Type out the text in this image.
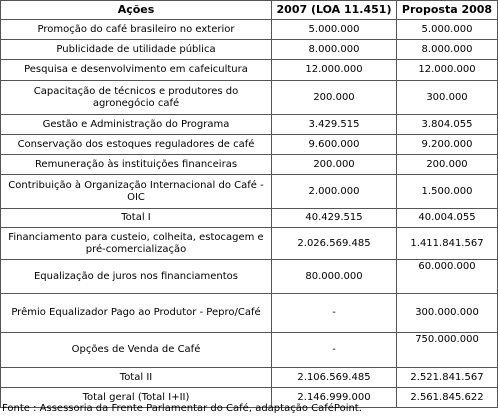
Ações	2007 (LOA 11.451)	Proposta 2008
Promoção do café brasileiro no exterior	5.000.000	5.000.000
Publicidade de utilidade pública	8.000.000	8.000.000
Pesquisa e desenvolvimento em cafeicultura	12.000.000	12.000.000
Capacitação de técnicos e produtores do agronegócio café	200.000	300.000
Gestão e Administração do Programa	3.429.515	3.804.055
Conservação dos estoques reguladores de café	9.600.000	9.200.000
Remuneração às instituições financeiras	200.000	200.000
Contribuição à Organização Internacional do Café - OIC	2.000.000	1.500.000
Total I	40.429.515	40.004.055
Financiamento para custeio, colheita, estocagem e pré-comercialização	2.026.569.485	1.411.841.567
Equalização de juros nos financiamentos	80.000.000	60.000.000
Prêmio Equalizador Pago ao Produtor - Pepro/Café	-	300.000.000
Opções de Venda de Café	-	750.000.000
Total II	2.106.569.485	2.521.841.567
Total geral (Total I+II)	2.146.999.000	2.561.845.622
Fonte : Assessoria da Frente Parlamentar do Café, adaptação CaféPoint.
